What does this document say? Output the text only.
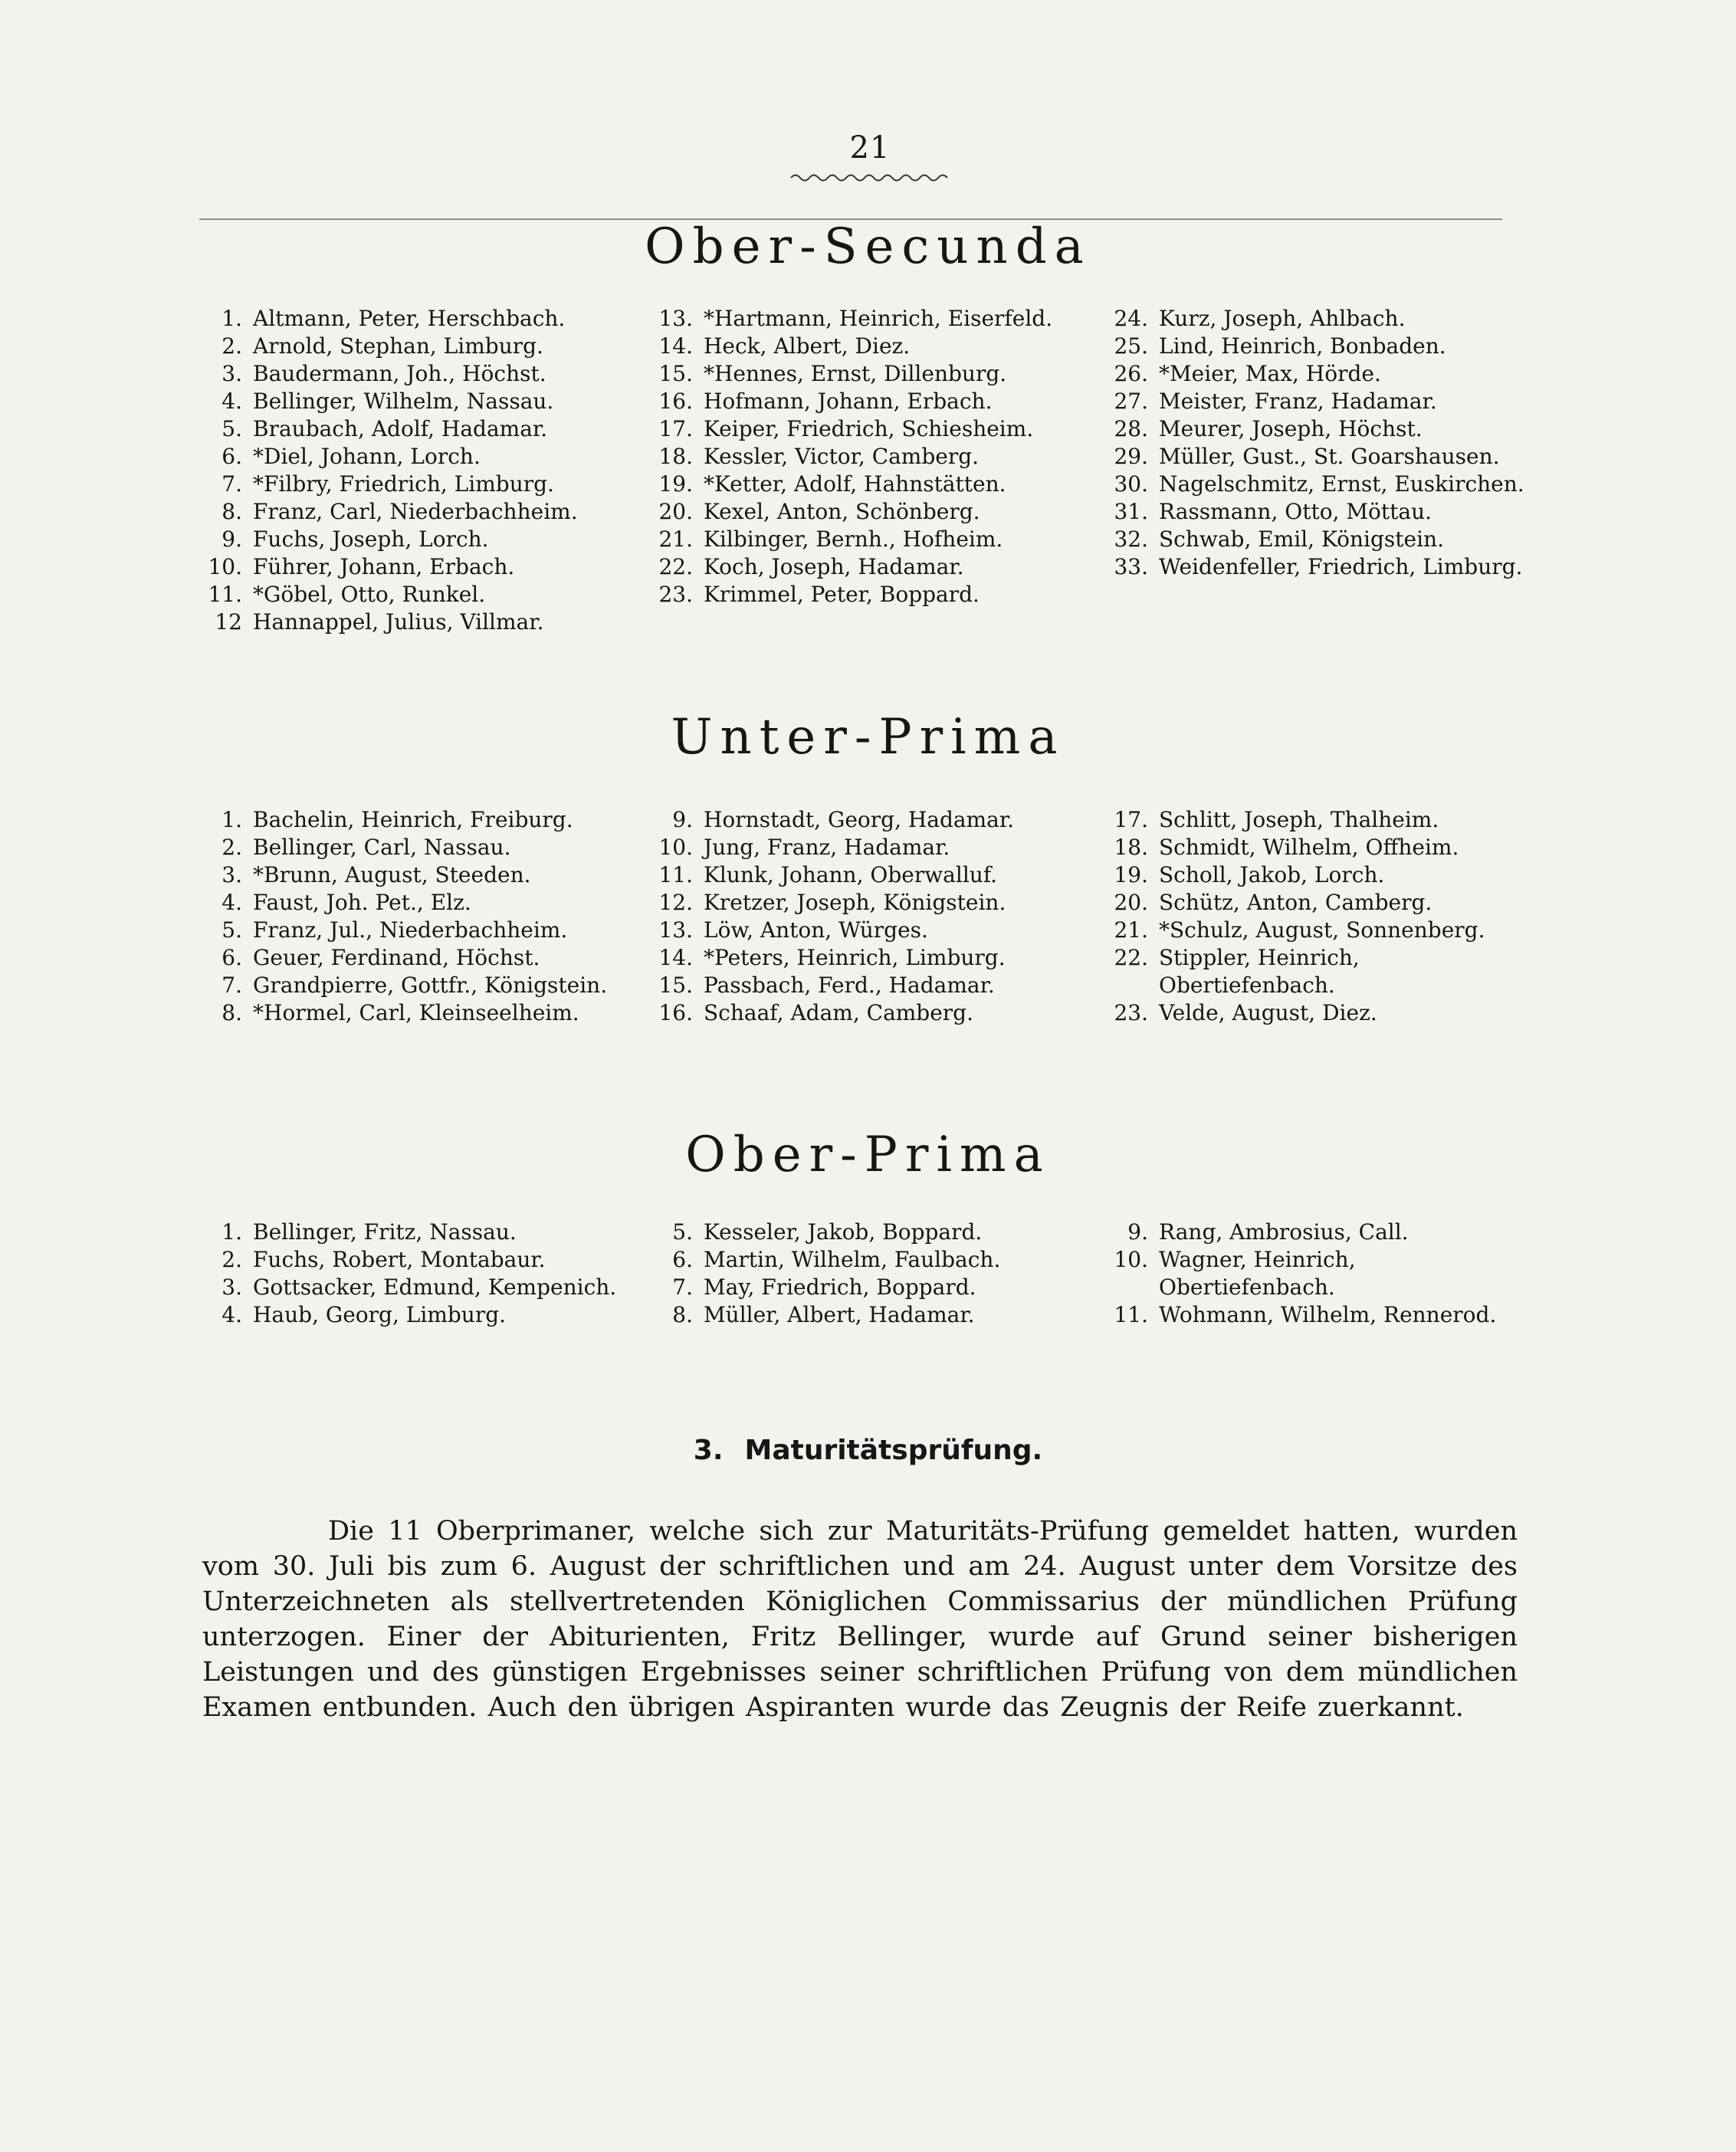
21
Ober-Secunda
1. Altmann, Peter, Herschbach.
2. Arnold, Stephan, Limburg.
3. Baudermann, Joh., Höchst.
4. Bellinger, Wilhelm, Nassau.
5. Braubach, Adolf, Hadamar.
6. *Diel, Johann, Lorch.
7. *Filbry, Friedrich, Limburg.
8. Franz, Carl, Niederbachheim.
9. Fuchs, Joseph, Lorch.
10. Führer, Johann, Erbach.
11. *Göbel, Otto, Runkel.
12 Hannappel, Julius, Villmar.
13. *Hartmann, Heinrich, Eiserfeld.
14. Heck, Albert, Diez.
15. *Hennes, Ernst, Dillenburg.
16. Hofmann, Johann, Erbach.
17. Keiper, Friedrich, Schiesheim.
18. Kessler, Victor, Camberg.
19. *Ketter, Adolf, Hahnstätten.
20. Kexel, Anton, Schönberg.
21. Kilbinger, Bernh., Hofheim.
22. Koch, Joseph, Hadamar.
23. Krimmel, Peter, Boppard.
24. Kurz, Joseph, Ahlbach.
25. Lind, Heinrich, Bonbaden.
26. *Meier, Max, Hörde.
27. Meister, Franz, Hadamar.
28. Meurer, Joseph, Höchst.
29. Müller, Gust., St. Goarshausen.
30. Nagelschmitz, Ernst, Euskirchen.
31. Rassmann, Otto, Möttau.
32. Schwab, Emil, Königstein.
33. Weidenfeller, Friedrich, Limburg.
Unter-Prima
1. Bachelin, Heinrich, Freiburg.
2. Bellinger, Carl, Nassau.
3. *Brunn, August, Steeden.
4. Faust, Joh. Pet., Elz.
5. Franz, Jul., Niederbachheim.
6. Geuer, Ferdinand, Höchst.
7. Grandpierre, Gottfr., Königstein.
8. *Hormel, Carl, Kleinseelheim.
9. Hornstadt, Georg, Hadamar.
10. Jung, Franz, Hadamar.
11. Klunk, Johann, Oberwalluf.
12. Kretzer, Joseph, Königstein.
13. Löw, Anton, Würges.
14. *Peters, Heinrich, Limburg.
15. Passbach, Ferd., Hadamar.
16. Schaaf, Adam, Camberg.
17. Schlitt, Joseph, Thalheim.
18. Schmidt, Wilhelm, Offheim.
19. Scholl, Jakob, Lorch.
20. Schütz, Anton, Camberg.
21. *Schulz, August, Sonnenberg.
22. Stippler, Heinrich, Obertiefenbach.
23. Velde, August, Diez.
Ober-Prima
1. Bellinger, Fritz, Nassau.
2. Fuchs, Robert, Montabaur.
3. Gottsacker, Edmund, Kempenich.
4. Haub, Georg, Limburg.
5. Kesseler, Jakob, Boppard.
6. Martin, Wilhelm, Faulbach.
7. May, Friedrich, Boppard.
8. Müller, Albert, Hadamar.
9. Rang, Ambrosius, Call.
10. Wagner, Heinrich, Obertiefenbach.
11. Wohmann, Wilhelm, Rennerod.
3. Maturitätsprüfung.
Die 11 Oberprimaner, welche sich zur Maturitäts-Prüfung gemeldet hatten, wurden vom 30. Juli bis zum 6. August der schriftlichen und am 24. August unter dem Vorsitze des Unterzeichneten als stellvertretenden Königlichen Commissarius der mündlichen Prüfung unterzogen. Einer der Abiturienten, Fritz Bellinger, wurde auf Grund seiner bisherigen Leistungen und des günstigen Ergebnisses seiner schriftlichen Prüfung von dem mündlichen Examen entbunden. Auch den übrigen Aspiranten wurde das Zeugnis der Reife zuerkannt.
